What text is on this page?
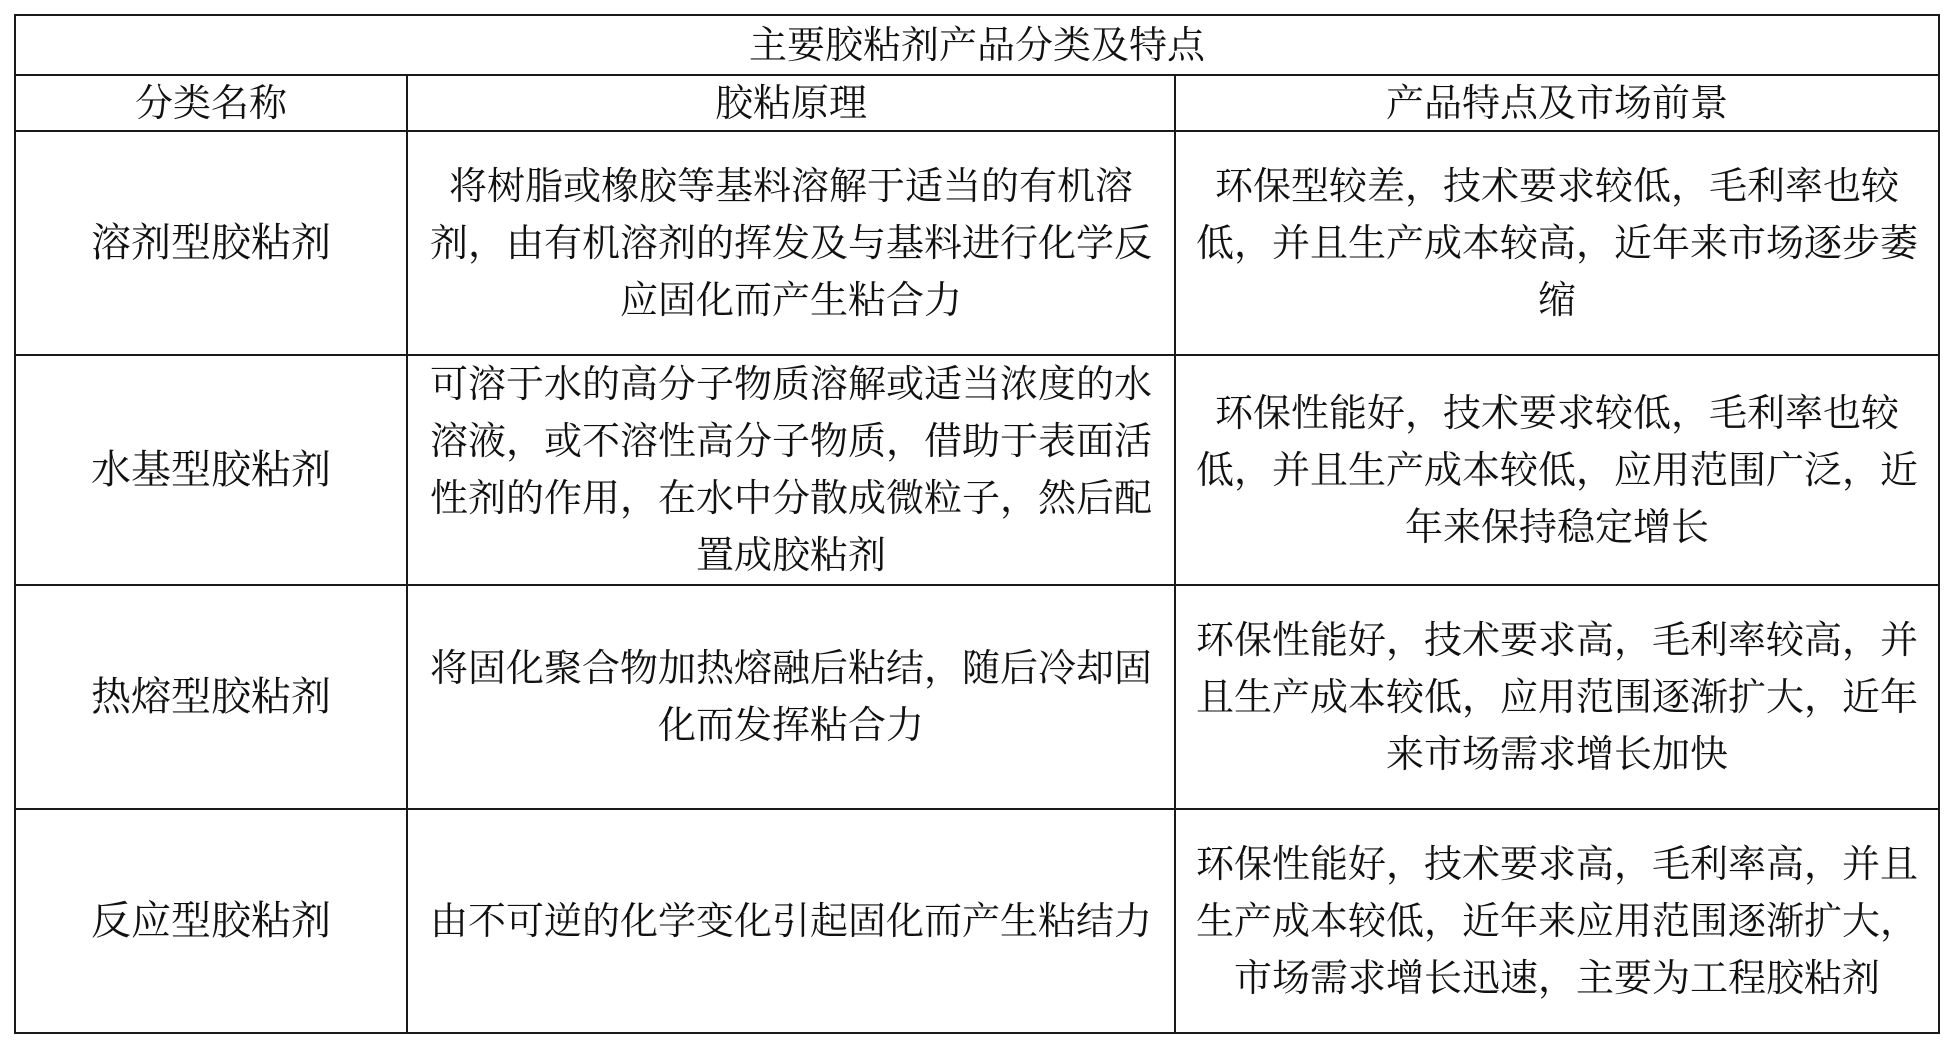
主要胶粘剂产品分类及特点		
分类名称	胶粘原理	产品特点及市场前景
溶剂型胶粘剂	将树脂或橡胶等基料溶解于适当的有机溶剂，由有机溶剂的挥发及与基料进行化学反应固化而产生粘合力	环保型较差，技术要求较低，毛利率也较低，并且生产成本较高，近年来市场逐步萎缩

水基型胶粘剂	可溶于水的高分子物质溶解或适当浓度的水溶液，或不溶性高分子物质，借助于表面活性剂的作用，在水中分散成微粒子，然后配置成胶粘剂	环保性能好，技术要求较低，毛利率也较低，并且生产成本较低，应用范围广泛，近年来保持稳定增长

热熔型胶粘剂	将固化聚合物加热熔融后粘结，随后冷却固化而发挥粘合力	环保性能好，技术要求高，毛利率较高，并且生产成本较低，应用范围逐渐扩大，近年来市场需求增长加快

反应型胶粘剂	由不可逆的化学变化引起固化而产生粘结力	环保性能好，技术要求高，毛利率高，并且生产成本较低，近年来应用范围逐渐扩大，市场需求增长迅速，主要为工程胶粘剂
